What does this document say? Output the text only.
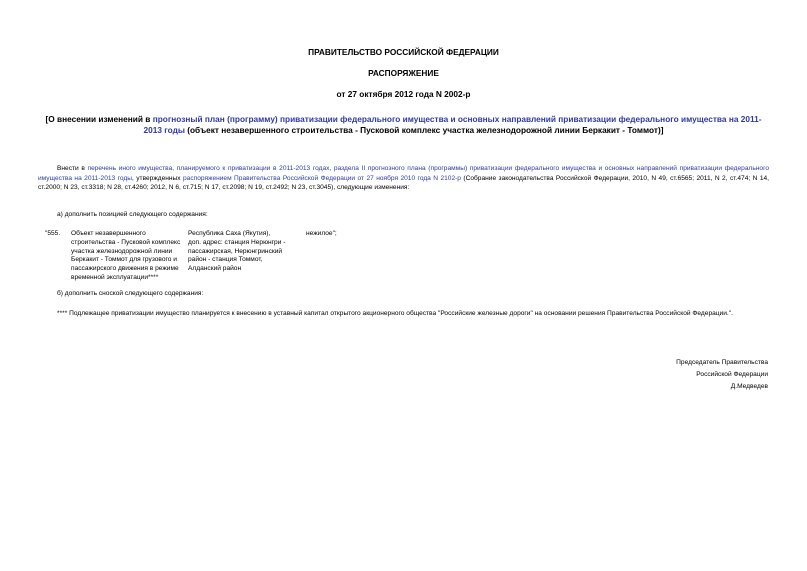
ПРАВИТЕЛЬСТВО РОССИЙСКОЙ ФЕДЕРАЦИИ
РАСПОРЯЖЕНИЕ
от 27 октября 2012 года N 2002-р
[О внесении изменений в прогнозный план (программу) приватизации федерального имущества и основных направлений приватизации федерального имущества на 2011-2013 годы (объект незавершенного строительства - Пусковой комплекс участка железнодорожной линии Беркакит - Томмот)]
Внести в перечень иного имущества, планируемого к приватизации в 2011-2013 годах, раздела II прогнозного плана (программы) приватизации федерального имущества и основных направлений приватизации федерального имущества на 2011-2013 годы, утвержденных распоряжением Правительства Российской Федерации от 27 ноября 2010 года N 2102-р (Собрание законодательства Российской Федерации, 2010, N 49, ст.6565; 2011, N 2, ст.474; N 14, ст.2000; N 23, ст.3318; N 28, ст.4260; 2012, N 6, ст.715; N 17, ст.2098; N 19, ст.2492; N 23, ст.3045), следующие изменения:
а) дополнить позицией следующего содержания:
"555. Объект незавершенного
строительства - Пусковой комплекс
участка железнодорожной линии
Беркакит - Томмот для грузового и
пассажирского движения в режиме
временной эксплуатации****
Республика Саха (Якутия),
доп. адрес: станция Нерюнгри -
пассажирская, Нерюнгринский
район - станция Томмот,
Алданский район
нежилое";
б) дополнить сноской следующего содержания:
**** Подлежащее приватизации имущество планируется к внесению в уставный капитал открытого акционерного общества "Российские железные дороги" на основании решения Правительства Российской Федерации.".
Председатель Правительства
Российской Федерации
Д.Медведев
